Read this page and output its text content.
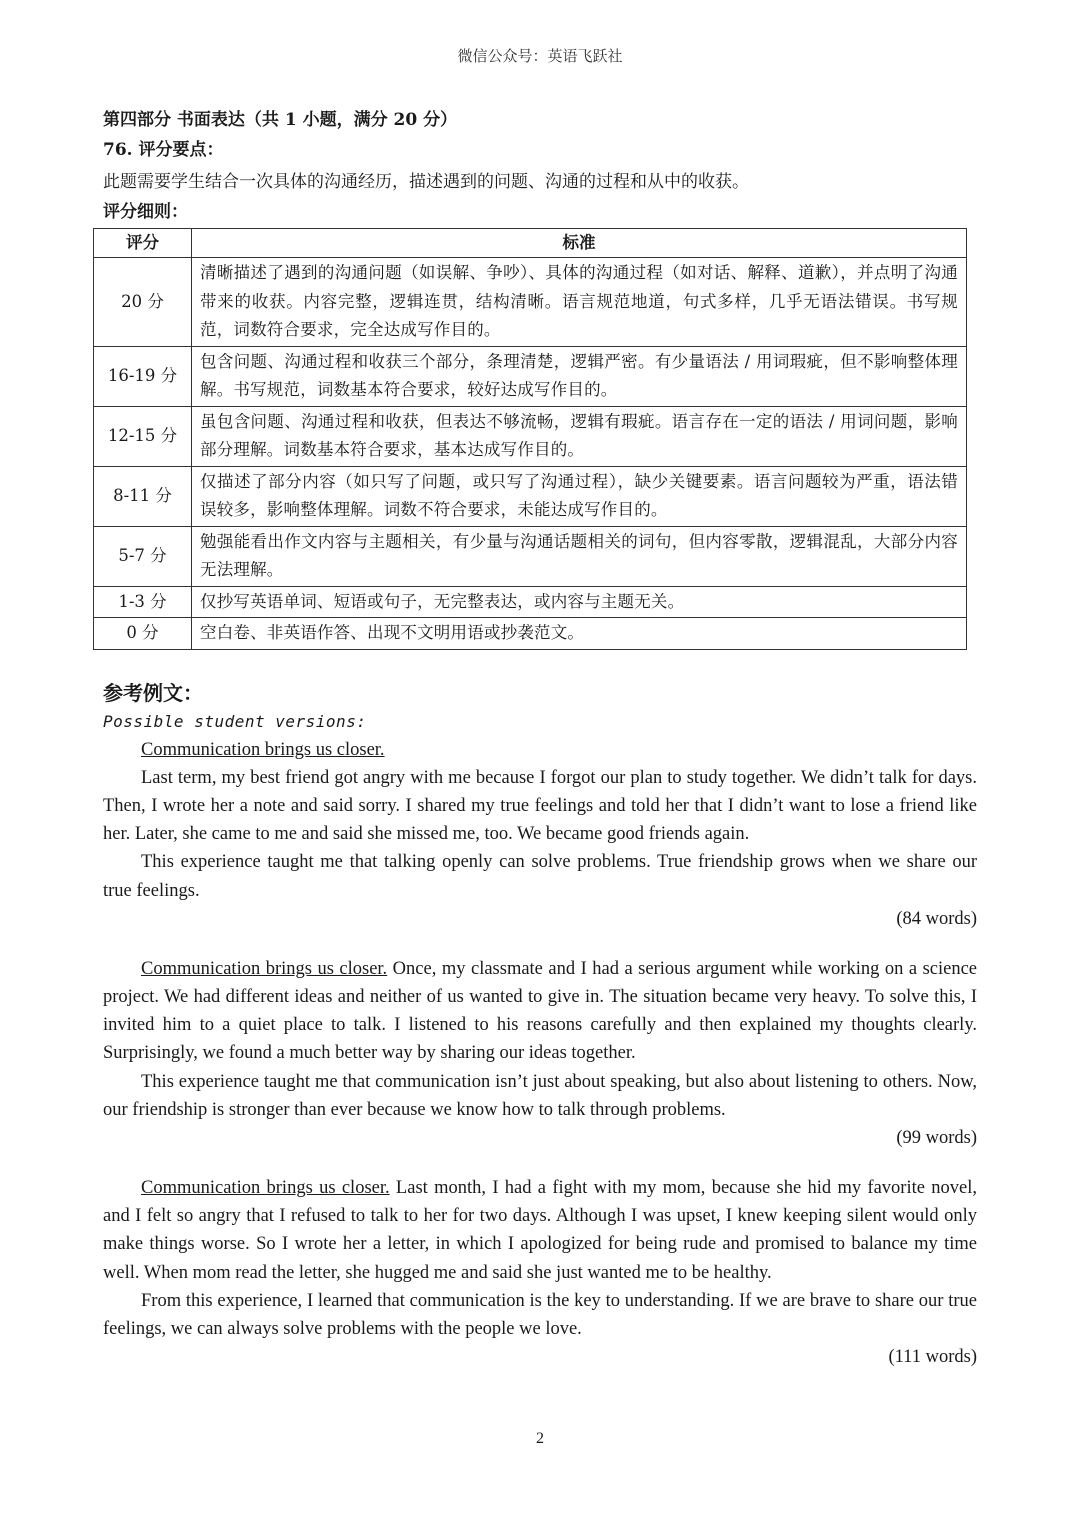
微信公众号：英语飞跃社

第四部分 书面表达（共 1 小题，满分 20 分）

76. 评分要点：

此题需要学生结合一次具体的沟通经历，描述遇到的问题、沟通的过程和从中的收获。

评分细则：

评分	标准
20 分	清晰描述了遇到的沟通问题（如误解、争吵）、具体的沟通过程（如对话、解释、道歉），并点明了沟通带来的收获。内容完整，逻辑连贯，结构清晰。语言规范地道，句式多样，几乎无语法错误。书写规范，词数符合要求，完全达成写作目的。
16-19 分	包含问题、沟通过程和收获三个部分，条理清楚，逻辑严密。有少量语法 / 用词瑕疵，但不影响整体理解。书写规范，词数基本符合要求，较好达成写作目的。
12-15 分	虽包含问题、沟通过程和收获，但表达不够流畅，逻辑有瑕疵。语言存在一定的语法 / 用词问题，影响部分理解。词数基本符合要求，基本达成写作目的。
8-11 分	仅描述了部分内容（如只写了问题，或只写了沟通过程），缺少关键要素。语言问题较为严重，语法错误较多，影响整体理解。词数不符合要求，未能达成写作目的。
5-7 分	勉强能看出作文内容与主题相关，有少量与沟通话题相关的词句，但内容零散，逻辑混乱，大部分内容无法理解。
1-3 分	仅抄写英语单词、短语或句子，无完整表达，或内容与主题无关。
0 分	空白卷、非英语作答、出现不文明用语或抄袭范文。
参考例文：
Possible student versions:

Communication brings us closer.

Last term, my best friend got angry with me because I forgot our plan to study together. We didn’t talk for days. Then, I wrote her a note and said sorry. I shared my true feelings and told her that I didn’t want to lose a friend like her. Later, she came to me and said she missed me, too. We became good friends again.

This experience taught me that talking openly can solve problems. True friendship grows when we share our true feelings.

(84 words)

Communication brings us closer. Once, my classmate and I had a serious argument while working on a science project. We had different ideas and neither of us wanted to give in. The situation became very heavy. To solve this, I invited him to a quiet place to talk. I listened to his reasons carefully and then explained my thoughts clearly. Surprisingly, we found a much better way by sharing our ideas together.

This experience taught me that communication isn’t just about speaking, but also about listening to others. Now, our friendship is stronger than ever because we know how to talk through problems.

(99 words)

Communication brings us closer. Last month, I had a fight with my mom, because she hid my favorite novel, and I felt so angry that I refused to talk to her for two days. Although I was upset, I knew keeping silent would only make things worse. So I wrote her a letter, in which I apologized for being rude and promised to balance my time well. When mom read the letter, she hugged me and said she just wanted me to be healthy.

From this experience, I learned that communication is the key to understanding. If we are brave to share our true feelings, we can always solve problems with the people we love.

(111 words)
2
